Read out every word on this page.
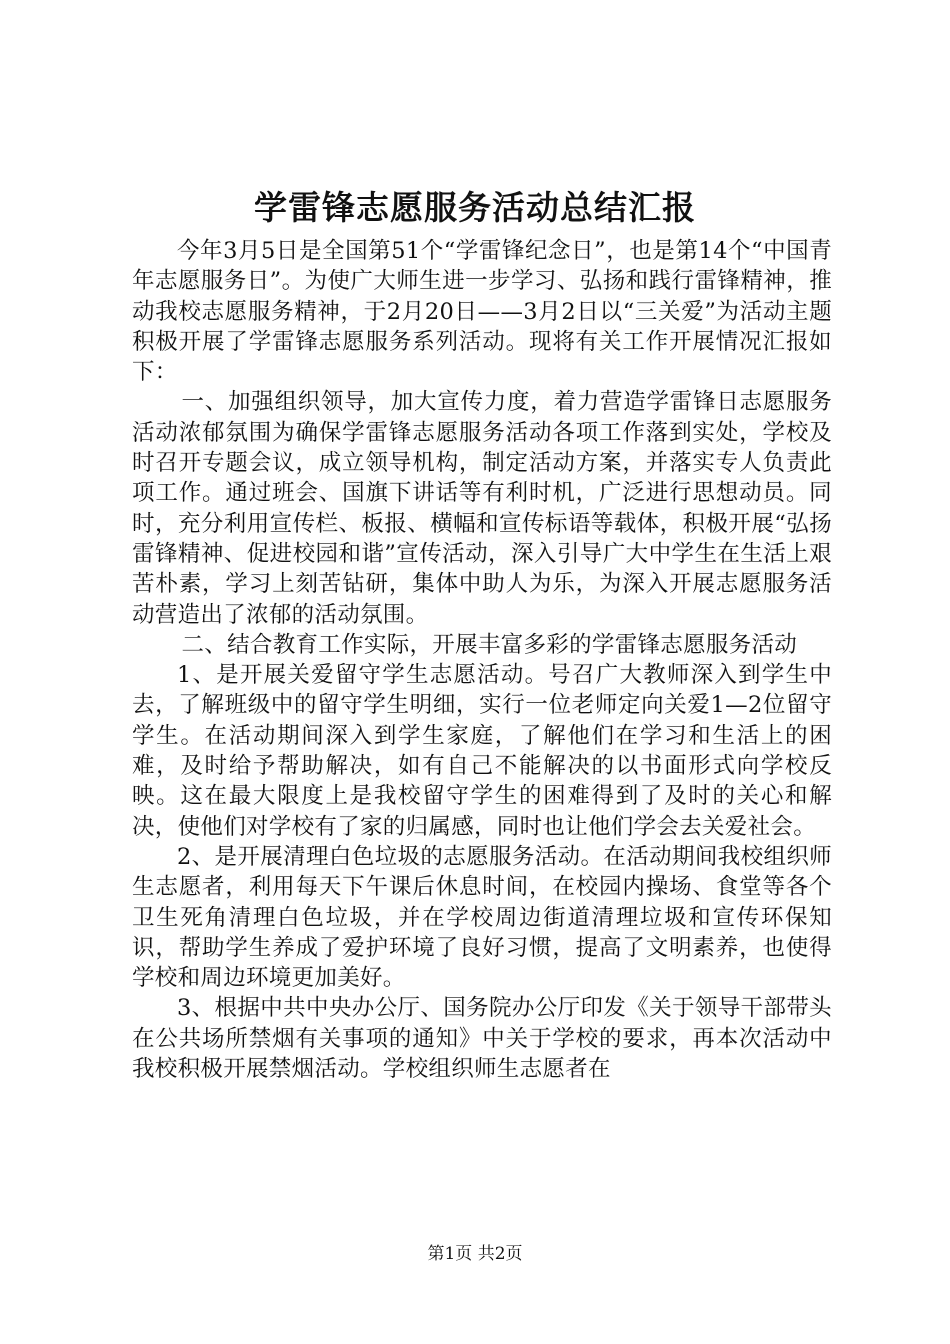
学雷锋志愿服务活动总结汇报

今年3月5日是全国第51个“学雷锋纪念日”，也是第14个“中国青年志愿服务日”。为使广大师生进一步学习、弘扬和践行雷锋精神，推动我校志愿服务精神，于2月20日——3月2日以“三关爱”为活动主题积极开展了学雷锋志愿服务系列活动。现将有关工作开展情况汇报如下：

一、加强组织领导，加大宣传力度，着力营造学雷锋日志愿服务活动浓郁氛围为确保学雷锋志愿服务活动各项工作落到实处，学校及时召开专题会议，成立领导机构，制定活动方案，并落实专人负责此项工作。通过班会、国旗下讲话等有利时机，广泛进行思想动员。同时，充分利用宣传栏、板报、横幅和宣传标语等载体，积极开展“弘扬雷锋精神、促进校园和谐”宣传活动，深入引导广大中学生在生活上艰苦朴素，学习上刻苦钻研，集体中助人为乐，为深入开展志愿服务活动营造出了浓郁的活动氛围。

二、结合教育工作实际，开展丰富多彩的学雷锋志愿服务活动

1、是开展关爱留守学生志愿活动。号召广大教师深入到学生中去，了解班级中的留守学生明细，实行一位老师定向关爱1—2位留守学生。在活动期间深入到学生家庭，了解他们在学习和生活上的困难，及时给予帮助解决，如有自己不能解决的以书面形式向学校反映。这在最大限度上是我校留守学生的困难得到了及时的关心和解决，使他们对学校有了家的归属感，同时也让他们学会去关爱社会。

2、是开展清理白色垃圾的志愿服务活动。在活动期间我校组织师生志愿者，利用每天下午课后休息时间，在校园内操场、食堂等各个卫生死角清理白色垃圾，并在学校周边街道清理垃圾和宣传环保知识，帮助学生养成了爱护环境了良好习惯，提高了文明素养，也使得学校和周边环境更加美好。

3、根据中共中央办公厅、国务院办公厅印发《关于领导干部带头在公共场所禁烟有关事项的通知》中关于学校的要求，再本次活动中我校积极开展禁烟活动。学校组织师生志愿者在

第1页 共2页
